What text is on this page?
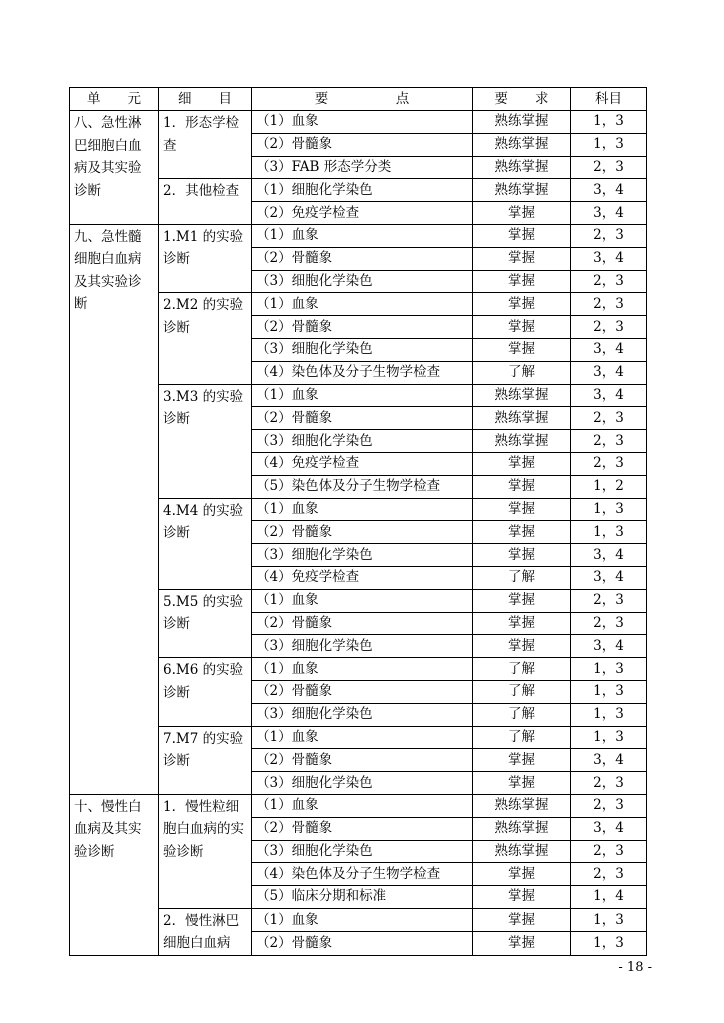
单　　元	细　　目	要　　　　　点	要　　求	科目
八、急性淋巴细胞白血病及其实验诊断	1．形态学检查	（1）血象	熟练掌握	1，3
		（2）骨髓象	熟练掌握	1，3
		（3）FAB 形态学分类	熟练掌握	2，3
	2．其他检查	（1）细胞化学染色	熟练掌握	3，4
		（2）免疫学检查	掌握	3，4
九、急性髓细胞白血病及其实验诊断	1.M1 的实验诊断	（1）血象	掌握	2，3
		（2）骨髓象	掌握	3，4
		（3）细胞化学染色	掌握	2，3
	2.M2 的实验诊断	（1）血象	掌握	2，3
		（2）骨髓象	掌握	2，3
		（3）细胞化学染色	掌握	3，4
		（4）染色体及分子生物学检查	了解	3，4
	3.M3 的实验诊断	（1）血象	熟练掌握	3，4
		（2）骨髓象	熟练掌握	2，3
		（3）细胞化学染色	熟练掌握	2，3
		（4）免疫学检查	掌握	2，3
		（5）染色体及分子生物学检查	掌握	1，2
	4.M4 的实验诊断	（1）血象	掌握	1，3
		（2）骨髓象	掌握	1，3
		（3）细胞化学染色	掌握	3，4
		（4）免疫学检查	了解	3，4
	5.M5 的实验诊断	（1）血象	掌握	2，3
		（2）骨髓象	掌握	2，3
		（3）细胞化学染色	掌握	3，4
	6.M6 的实验诊断	（1）血象	了解	1，3
		（2）骨髓象	了解	1，3
		（3）细胞化学染色	了解	1，3
	7.M7 的实验诊断	（1）血象	了解	1，3
		（2）骨髓象	掌握	3，4
		（3）细胞化学染色	掌握	2，3
十、慢性白血病及其实验诊断	1．慢性粒细胞白血病的实验诊断	（1）血象	熟练掌握	2，3
		（2）骨髓象	熟练掌握	3，4
		（3）细胞化学染色	熟练掌握	2，3
		（4）染色体及分子生物学检查	掌握	2，3
		（5）临床分期和标准	掌握	1，4
	2．慢性淋巴细胞白血病	（1）血象	掌握	1，3
		（2）骨髓象	掌握	1，3
- 18 -
